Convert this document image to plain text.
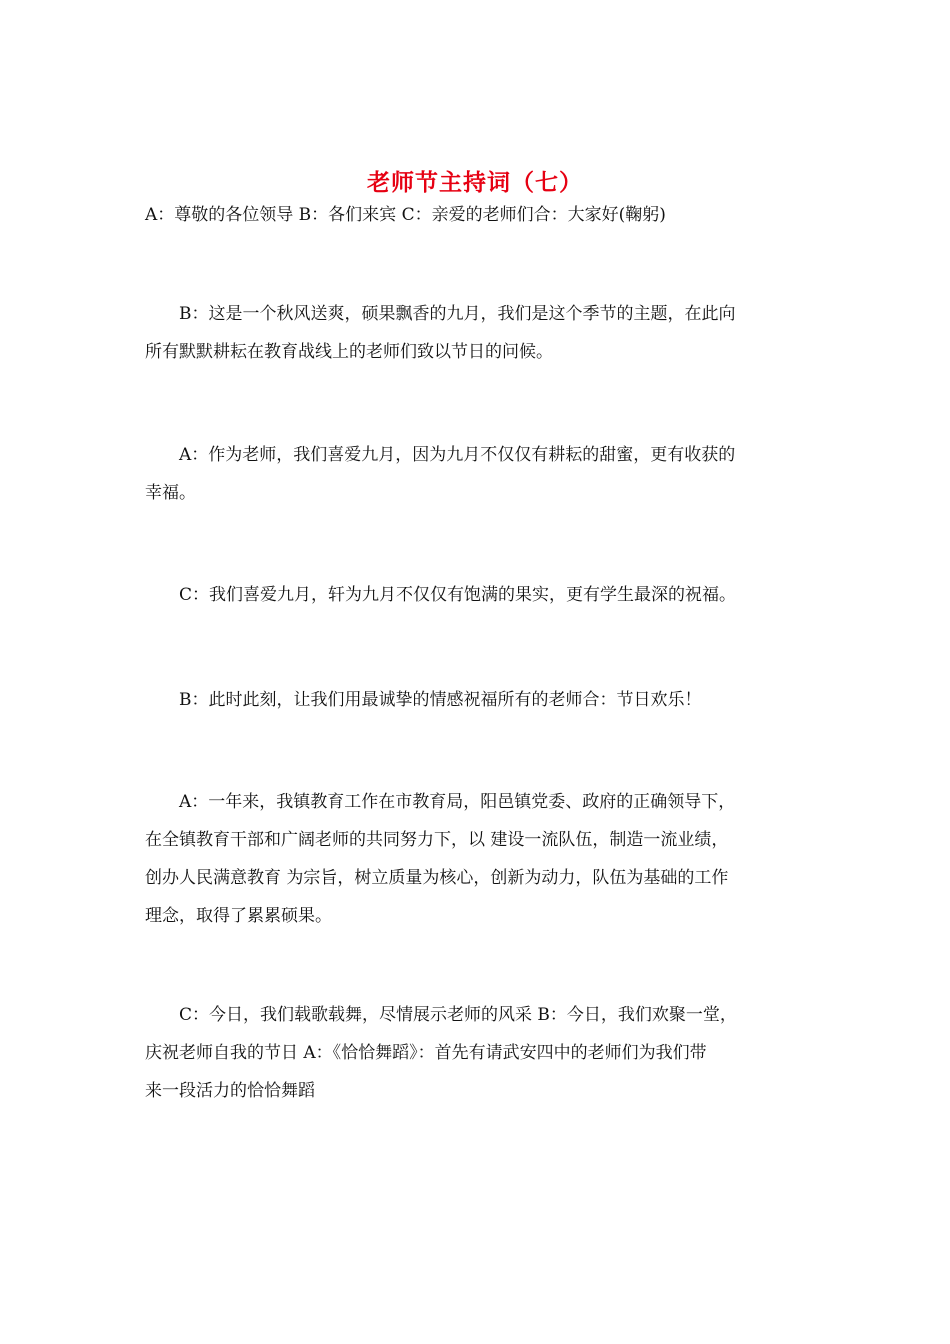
老师节主持词（七）

A：尊敬的各位领导 B：各们来宾 C：亲爱的老师们合：大家好(鞠躬)

B：这是一个秋风送爽，硕果飘香的九月，我们是这个季节的主题，在此向
所有默默耕耘在教育战线上的老师们致以节日的问候。

A：作为老师，我们喜爱九月，因为九月不仅仅有耕耘的甜蜜，更有收获的
幸福。

C：我们喜爱九月，轩为九月不仅仅有饱满的果实，更有学生最深的祝福。

B：此时此刻，让我们用最诚挚的情感祝福所有的老师合：节日欢乐！

A：一年来，我镇教育工作在市教育局，阳邑镇党委、政府的正确领导下，
在全镇教育干部和广阔老师的共同努力下，以 建设一流队伍，制造一流业绩，
创办人民满意教育 为宗旨，树立质量为核心，创新为动力，队伍为基础的工作
理念，取得了累累硕果。

C：今日，我们载歌载舞，尽情展示老师的风采 B：今日，我们欢聚一堂，
庆祝老师自我的节日 A：《恰恰舞蹈》：首先有请武安四中的老师们为我们带
来一段活力的恰恰舞蹈
